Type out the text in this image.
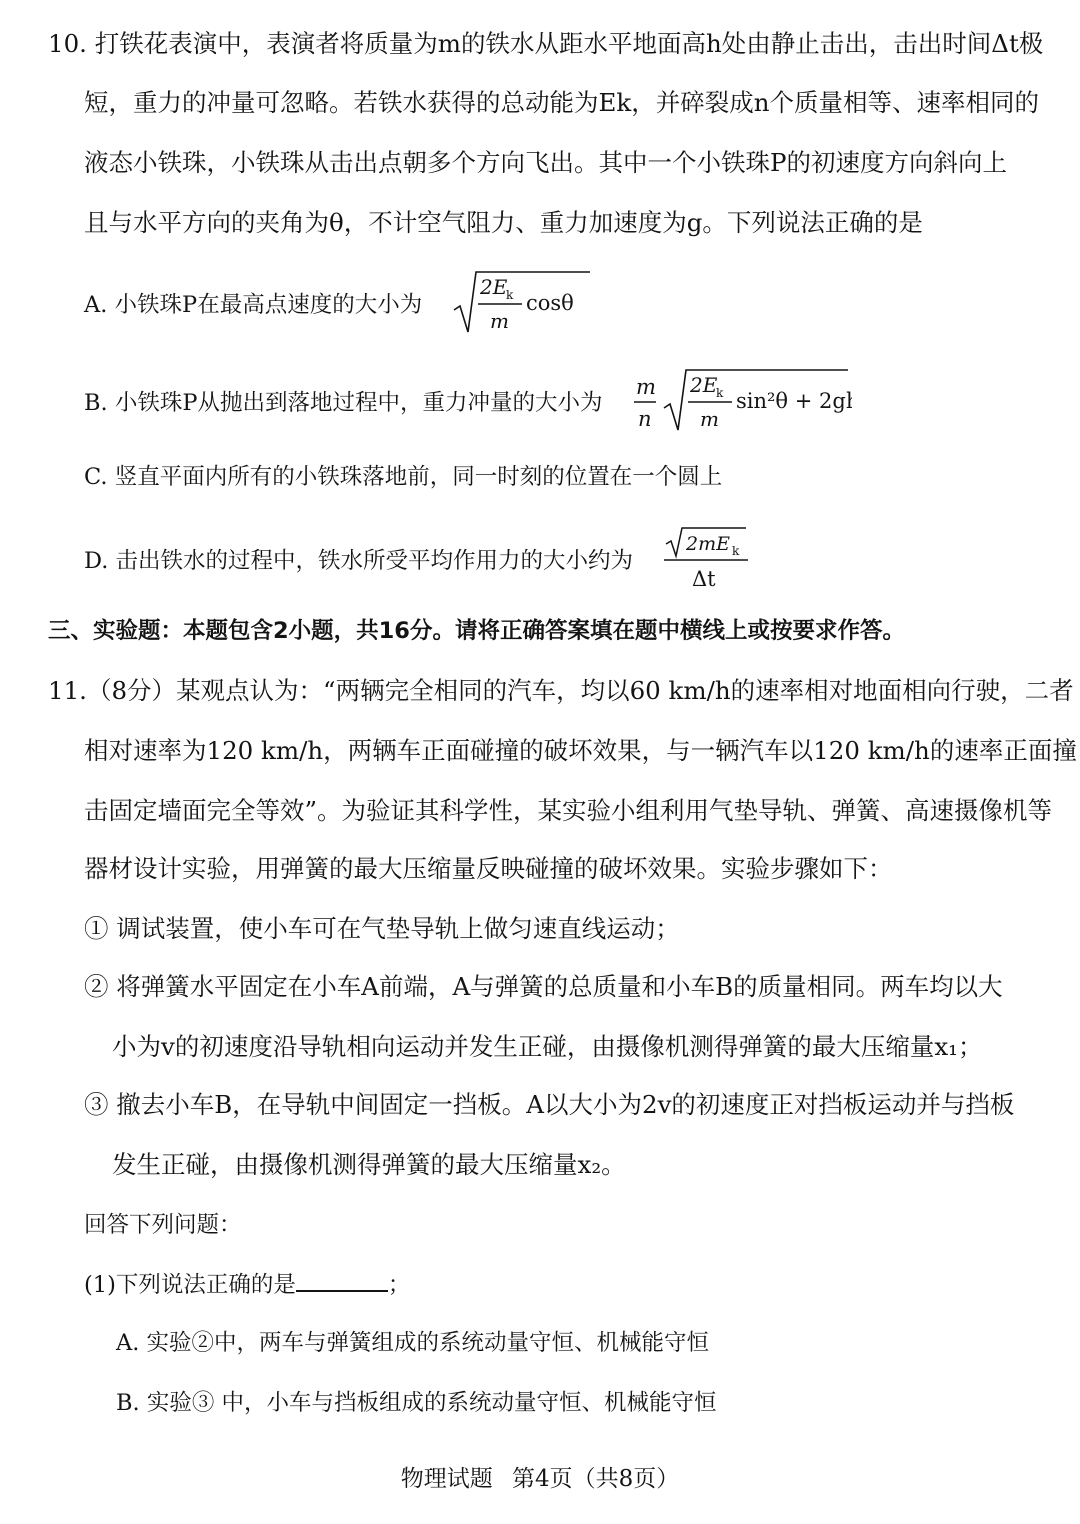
10. 打铁花表演中，表演者将质量为m的铁水从距水平地面高h处由静止击出，击出时间Δt极
短，重力的冲量可忽略。若铁水获得的总动能为Ek，并碎裂成n个质量相等、速率相同的
液态小铁珠，小铁珠从击出点朝多个方向飞出。其中一个小铁珠P的初速度方向斜向上
且与水平方向的夹角为θ，不计空气阻力、重力加速度为g。下列说法正确的是
A. 小铁珠P在最高点速度的大小为
2E
k
m
cosθ
B. 小铁珠P从抛出到落地过程中，重力冲量的大小为
m
n
2E
k
m
sin²θ + 2gh
C. 竖直平面内所有的小铁珠落地前，同一时刻的位置在一个圆上
D. 击出铁水的过程中，铁水所受平均作用力的大小约为
2mE k
Δt
三、实验题：本题包含2小题，共16分。请将正确答案填在题中横线上或按要求作答。
11.（8分）某观点认为：“两辆完全相同的汽车，均以60 km/h的速率相对地面相向行驶，二者
相对速率为120 km/h，两辆车正面碰撞的破坏效果，与一辆汽车以120 km/h的速率正面撞
击固定墙面完全等效”。为验证其科学性，某实验小组利用气垫导轨、弹簧、高速摄像机等
器材设计实验，用弹簧的最大压缩量反映碰撞的破坏效果。实验步骤如下：
① 调试装置，使小车可在气垫导轨上做匀速直线运动；
② 将弹簧水平固定在小车A前端，A与弹簧的总质量和小车B的质量相同。两车均以大
小为v的初速度沿导轨相向运动并发生正碰，由摄像机测得弹簧的最大压缩量x₁；
③ 撤去小车B，在导轨中间固定一挡板。A以大小为2v的初速度正对挡板运动并与挡板
发生正碰，由摄像机测得弹簧的最大压缩量x₂。
回答下列问题：
(1)下列说法正确的是	；
A. 实验②中，两车与弹簧组成的系统动量守恒、机械能守恒
B. 实验③ 中，小车与挡板组成的系统动量守恒、机械能守恒
物理试题 第4页（共8页）
